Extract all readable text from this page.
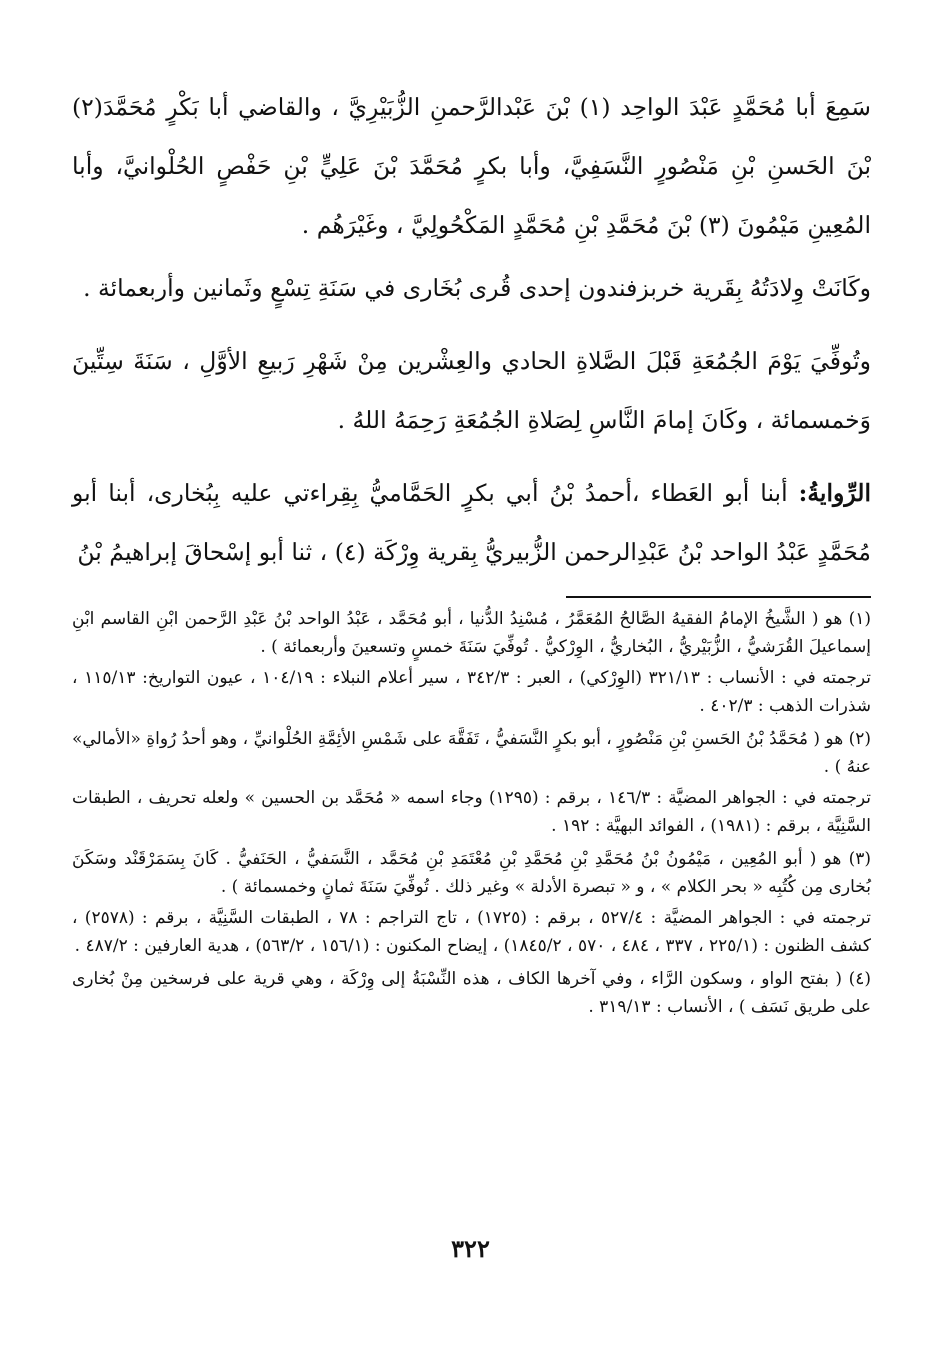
سَمِعَ أبا مُحَمَّدٍ عَبْدَ الواحِد (١) بْنَ عَبْدالرَّحمنِ الزُّبَيْرِيَّ ، والقاضي أبا بَكْرٍ مُحَمَّدَ(٢) بْنَ الحَسنِ بْنِ مَنْصُورٍ النَّسَفِيَّ، وأبا بكرٍ مُحَمَّدَ بْنَ عَلِيٍّ بْنِ حَفْصٍ الحُلْوانيَّ، وأبا المُعِينِ مَيْمُونَ (٣) بْنَ مُحَمَّدِ بْنِ مُحَمَّدٍ المَكْحُولِيَّ ، وغَيْرَهُم .

وكَانَتْ وِلادَتُهُ بِقَرية خربزفندون إحدى قُرى بُخَارى في سَنَةِ تِسْعٍ وثَمانين وأربعمائة .

وتُوفِّيَ يَوْمَ الجُمُعَةِ قَبْلَ الصَّلاةِ الحادي والعِشْرين مِنْ شَهْرِ رَبيعِ الأوَّلِ ، سَنَةَ سِتِّينَ وَخمسمائة ، وكَانَ إمامَ النَّاسِ لِصَلاةِ الجُمُعَةِ رَحِمَهُ اللهُ .

الرِّوايةُ: أبنا أبو العَطاء ،أحمدُ بْنُ أبي بكرٍ الحَمَّاميُّ بِقِراءتي عليه بِبُخارى، أبنا أبو مُحَمَّدٍ عَبْدُ الواحد بْنُ عَبْدِالرحمن الزُّبيريُّ بِقرية وِرْكَة (٤) ، ثنا أبو إسْحاقَ إبراهيمُ بْنُ

(١) هو ( الشَّيخُ الإمامُ الفقيهُ الصَّالحُ المُعَمَّرُ ، مُسْنِدُ الدُّنيا ، أبو مُحَمَّد ، عَبْدُ الواحد بْنُ عَبْدِ الرَّحمن ابْنِ القاسم ابْنِ إسماعيلَ القُرَشيُّ ، الزُّبَيْريُّ ، البُخاريُّ ، الوِرْكيُّ . تُوفِّيَ سَنَةَ خمسٍ وتسعينَ وأربعمائة ) .

ترجمته في : الأنساب : ٣٢١/١٣ (الوِرْكي) ، العبر : ٣٤٢/٣ ، سير أعلام النبلاء : ١٠٤/١٩ ، عيون التواريخ: ١١٥/١٣ ، شذرات الذهب : ٤٠٢/٣ .

(٢) هو ( مُحَمَّدُ بْنُ الحَسنِ بْنِ مَنْصُورٍ ، أبو بكرٍ النَّسَفيُّ ، تَفَقَّهَ على شَمْسِ الأئِمَّةِ الحُلْوانيِّ ، وهو أحدُ رُواةِ «الأمالي» عنهُ ) .

ترجمته في : الجواهر المضيَّة : ١٤٦/٣ ، برقم : (١٢٩٥) وجاء اسمه « مُحَمَّد بن الحسين » ولعله تحريف ، الطبقات السَّنِيَّة ، برقم : (١٩٨١) ، الفوائد البهيَّة : ١٩٢ .

(٣) هو ( أبو المُعِين ، مَيْمُونُ بْنُ مُحَمَّدِ بْنِ مُحَمَّدِ بْنِ مُعْتَمَدِ بْنِ مُحَمَّد ، النَّسَفيُّ ، الحَنَفيُّ . كَانَ بِسَمَرْقَنْد وسَكَنَ بُخارى مِن كُتُبِه « بحر الكلام » ، و « تبصرة الأدلة » وغير ذلك . تُوفِّيَ سَنَةَ ثمانٍ وخمسمائة ) .

ترجمته في : الجواهر المضيَّة : ٥٢٧/٤ ، برقم : (١٧٢٥) ، تاج التراجم : ٧٨ ، الطبقات السَّنِيَّة ، برقم : (٢٥٧٨) ، كشف الظنون : (٢٢٥/١ ، ٣٣٧ ، ٤٨٤ ، ٥٧٠ ، ١٨٤٥/٢) ، إيضاح المكنون : (١٥٦/١ ، ٥٦٣/٢) ، هدية العارفين : ٤٨٧/٢ .

(٤) ( بفتح الواو ، وسكون الرَّاء ، وفي آخرها الكاف ، هذه النِّسْبَةُ إلى وِرْكَة ، وهي قرية على فرسخين مِنْ بُخارى على طريق نَسَف ) ، الأنساب : ٣١٩/١٣ .

٣٢٢
